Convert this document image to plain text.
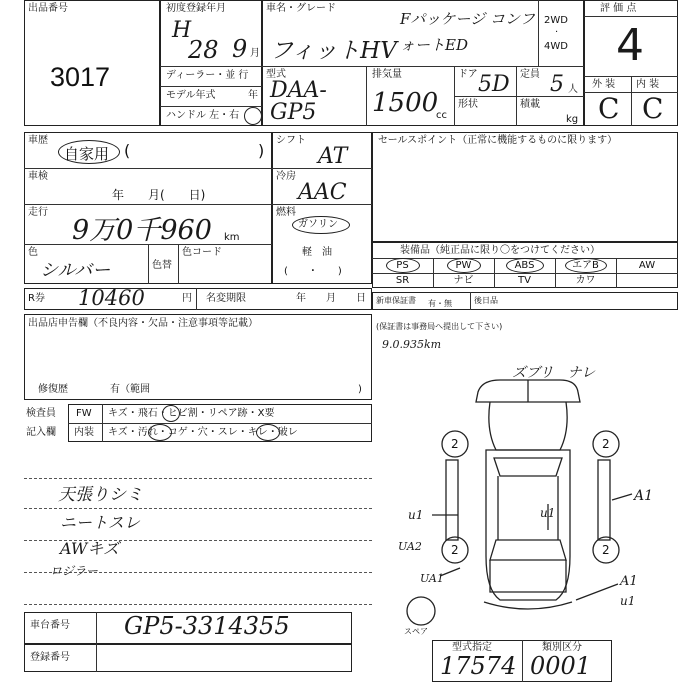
出品番号
3017
初度登録年月
H
28 9 月
ディーラー・並 行
モデル年式	年
ハンドル 左・右
車名・グレード
Fパッケージ コンフォートED
フィットHV
2WD
·
4WD
型式
DAA-GP5
排気量
1500
cc
ドア 5D 定員 5 人
形状	積載
kg
評 価 点
4
外 装 内 装
C C
車歴
自家用 (	)
車検
年　　月(　　日)
走行
9万0千960 km
色
シルバー	色替
色コード
シフト
AT
冷房
AAC
燃料
ガソリン
軽　油
(　　・　　)
R券 10460	円 名変期限	年　　月　　日
セールスポイント（正常に機能するものに限ります）
装備品（純正品に限り〇をつけてください）
PS	PW	ABS	エアB	AW
SR	ナビ	TV	カワ
新車保証書 有・無	後日品
出品店申告欄（不良内容・欠品・注意事項等記載）
修復歴	有（範囲	)
検査員
記入欄
FW キズ・飛石・ヒビ割・リペア跡・X要
内装 キズ・汚れ・コゲ・穴・スレ・キレ・破レ
天張りシミ
ニートスレ
AWキズ
ロジラー
(保証書は事務局へ提出して下さい)
9.0.935km
ズブリ　ナレ
2	2
2	2
u1	u1
UA2
UA1
A1
A1
u1
スペア
車台番号 GP5-3314355
登録番号
型式指定	類別区分
17574 0001
